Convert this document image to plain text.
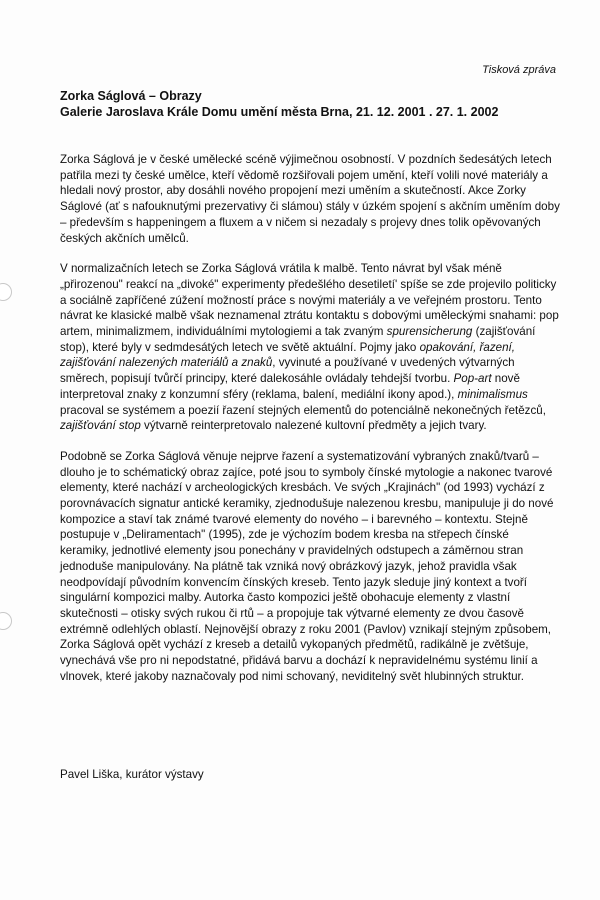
Tisková zpráva

Zorka Ságlová – Obrazy

Galerie Jaroslava Krále Domu umění města Brna, 21. 12. 2001 . 27. 1. 2002

Zorka Ságlová je v české umělecké scéně výjimečnou osobností. V pozdních šedesátých letech patřila mezi ty české umělce, kteří vědomě rozšiřovali pojem umění, kteří volili nové materiály a hledali nový prostor, aby dosáhli nového propojení mezi uměním a skutečností. Akce Zorky Ságlové (ať s nafouknutými prezervativy či slámou) stály v úzkém spojení s akčním uměním doby – především s happeningem a fluxem a v ničem si nezadaly s projevy dnes tolik opěvovaných českých akčních umělců.

V normalizačních letech se Zorka Ságlová vrátila k malbě. Tento návrat byl však méně „přirozenou" reakcí na „divoké" experimenty předešlého desetiletí' spíše se zde projevilo politicky a sociálně zapříčené zúžení možností práce s novými materiály a ve veřejném prostoru. Tento návrat ke klasické malbě však neznamenal ztrátu kontaktu s dobovými uměleckými snahami: pop artem, minimalizmem, individuálními mytologiemi a tak zvaným spurensicherung (zajišťování stop), které byly v sedmdesátých letech ve světě aktuální. Pojmy jako opakování, řazení, zajišťování nalezených materiálů a znaků, vyvinuté a používané v uvedených výtvarných směrech, popisují tvůrčí principy, které dalekosáhle ovládaly tehdejší tvorbu. Pop-art nově interpretoval znaky z konzumní sféry (reklama, balení, mediální ikony apod.), minimalismus pracoval se systémem a poezií řazení stejných elementů do potenciálně nekonečných řetězců, zajišťování stop výtvarně reinterpretovalo nalezené kultovní předměty a jejich tvary.

Podobně se Zorka Ságlová věnuje nejprve řazení a systematizování vybraných znaků/tvarů – dlouho je to schématický obraz zajíce, poté jsou to symboly čínské mytologie a nakonec tvarové elementy, které nachází v archeologických kresbách. Ve svých „Krajinách" (od 1993) vychází z porovnávacích signatur antické keramiky, zjednodušuje nalezenou kresbu, manipuluje ji do nové kompozice a staví tak známé tvarové elementy do nového – i barevného – kontextu. Stejně postupuje v „Deliramentach" (1995), zde je výchozím bodem kresba na střepech čínské keramiky, jednotlivé elementy jsou ponechány v pravidelných odstupech a záměrnou stran jednoduše manipulovány. Na plátně tak vzniká nový obrázkový jazyk, jehož pravidla však neodpovídají původním konvencím čínských kreseb. Tento jazyk sleduje jiný kontext a tvoří singulární kompozici malby. Autorka často kompozici ještě obohacuje elementy z vlastní skutečnosti – otisky svých rukou či rtů – a propojuje tak výtvarné elementy ze dvou časově extrémně odlehlých oblastí. Nejnovější obrazy z roku 2001 (Pavlov) vznikají stejným způsobem, Zorka Ságlová opět vychází z kreseb a detailů vykopaných předmětů, radikálně je zvětšuje, vynechává vše pro ni nepodstatné, přidává barvu a dochází k nepravidelnému systému linií a vlnovek, které jakoby naznačovaly pod nimi schovaný, neviditelný svět hlubinných struktur.

Pavel Liška, kurátor výstavy
